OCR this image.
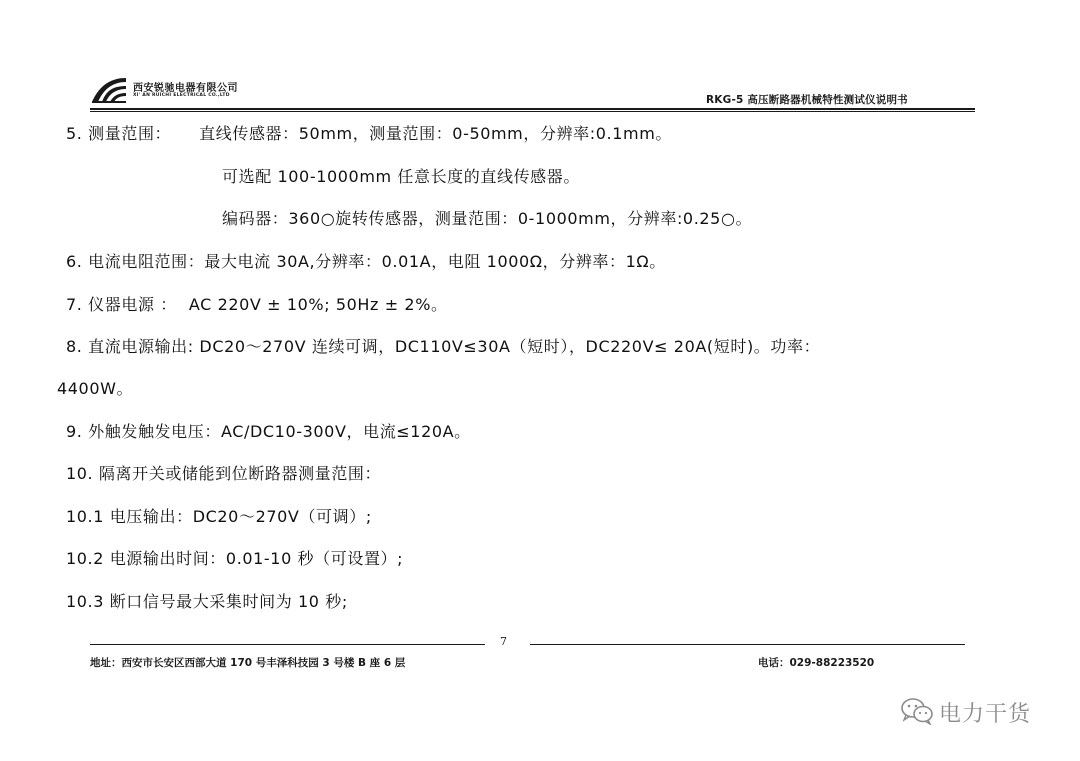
西安锐驰电器有限公司
XI' AN RUICHI ELECTRICAL CO.,LTD	RKG-5 高压断路器机械特性测试仪说明书
5. 测量范围： 直线传感器：50mm，测量范围：0-50mm，分辨率:0.1mm。
可选配 100-1000mm 任意长度的直线传感器。
编码器：360○旋转传感器，测量范围：0-1000mm，分辨率:0.25○。
6. 电流电阻范围：最大电流 30A,分辨率：0.01A，电阻 1000Ω，分辨率：1Ω。
7. 仪器电源 ： AC 220V ± 10%; 50Hz ± 2%。
8. 直流电源输出: DC20～270V 连续可调，DC110V≤30A（短时），DC220V≤ 20A(短时)。功率：
4400W。
9. 外触发触发电压：AC/DC10-300V，电流≤120A。
10. 隔离开关或储能到位断路器测量范围：
10.1 电压输出：DC20～270V（可调）;
10.2 电源输出时间：0.01-10 秒（可设置）;
10.3 断口信号最大采集时间为 10 秒;
7
地址：西安市长安区西部大道 170 号丰泽科技园 3 号楼 B 座 6 层	电话：029-88223520
电力干货
